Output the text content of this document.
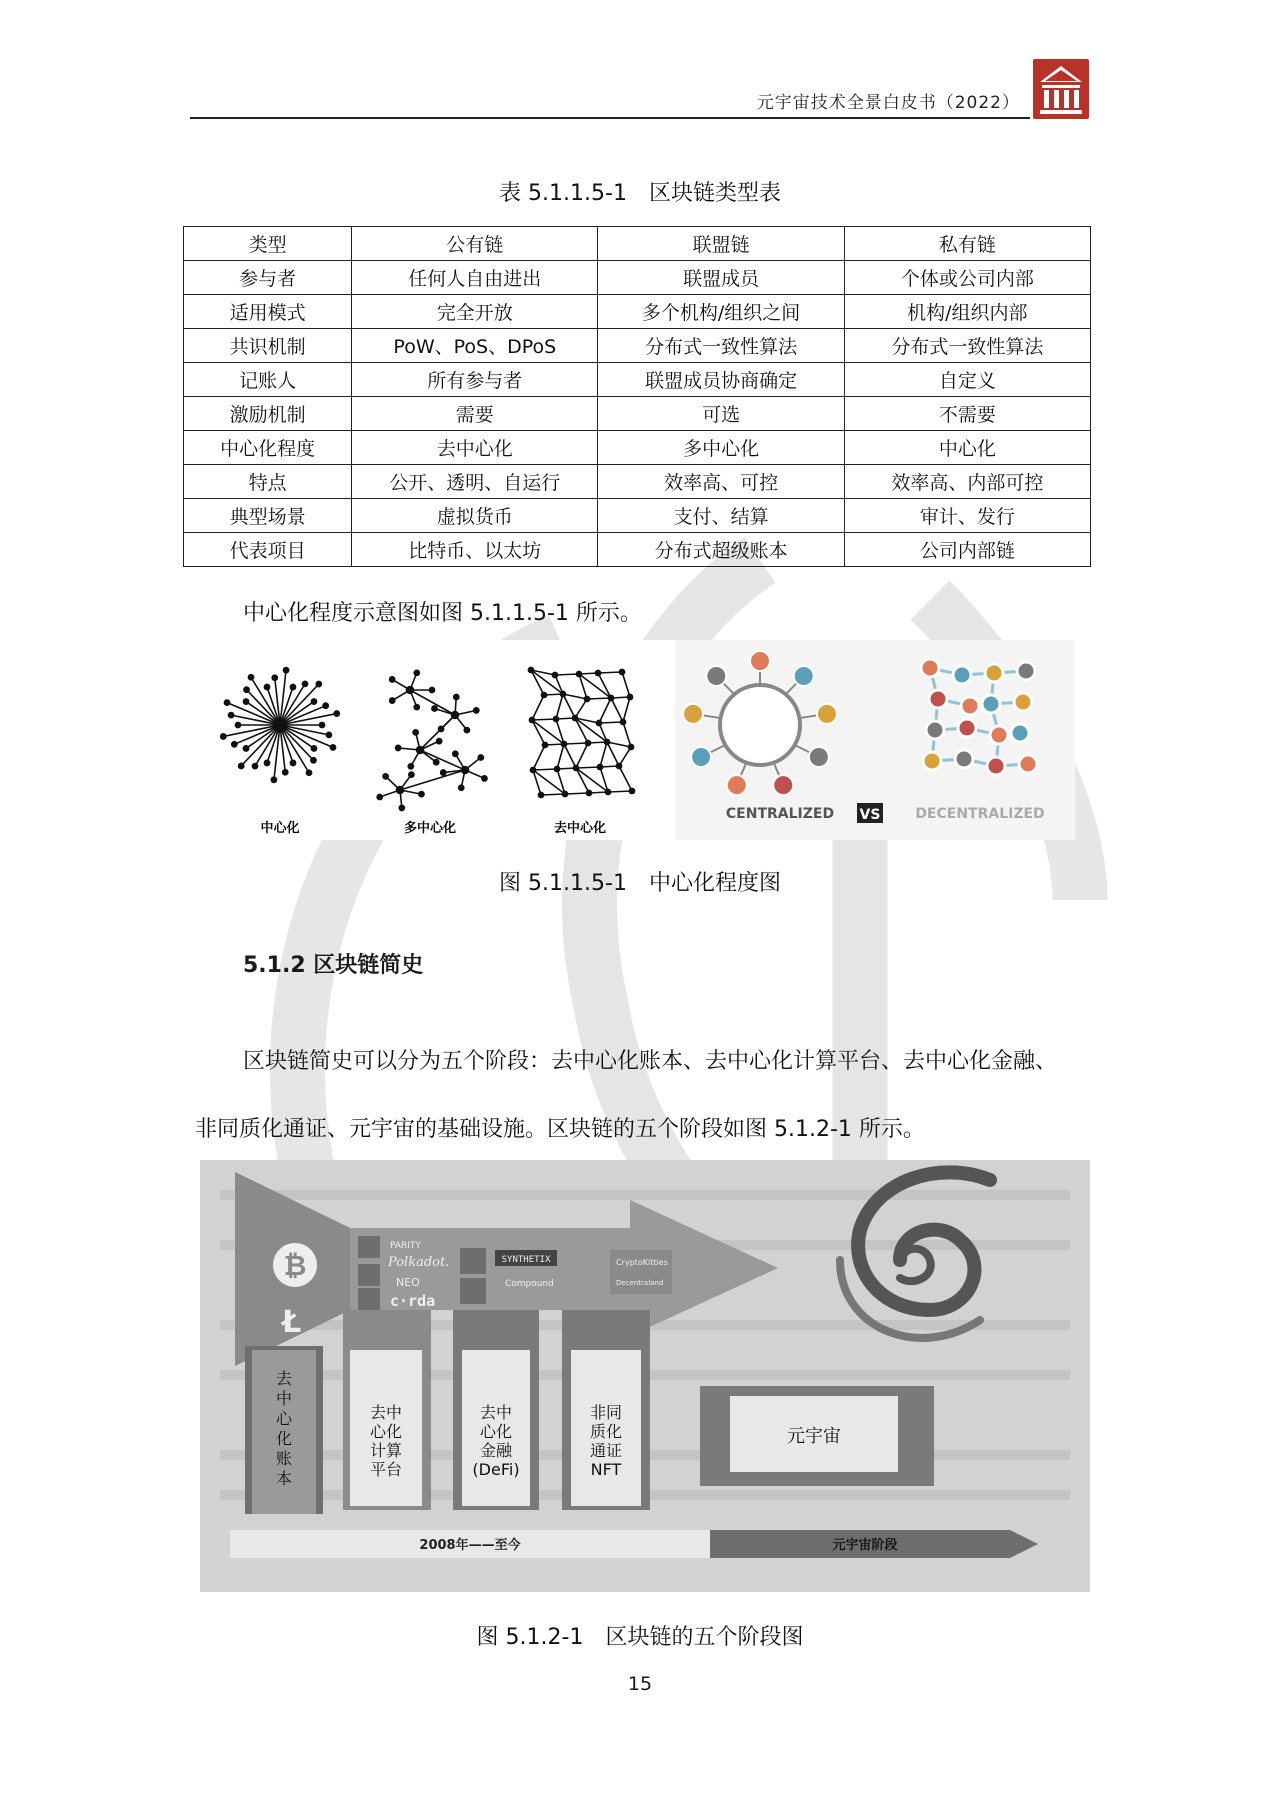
元宇宙技术全景白皮书（2022）
表 5.1.1.5-1　区块链类型表
类型	公有链	联盟链	私有链
参与者	任何人自由进出	联盟成员	个体或公司内部
适用模式	完全开放	多个机构/组织之间	机构/组织内部
共识机制	PoW、PoS、DPoS	分布式一致性算法	分布式一致性算法
记账人	所有参与者	联盟成员协商确定	自定义
激励机制	需要	可选	不需要
中心化程度	去中心化	多中心化	中心化
特点	公开、透明、自运行	效率高、可控	效率高、内部可控
典型场景	虚拟货币	支付、结算	审计、发行
代表项目	比特币、以太坊	分布式超级账本	公司内部链
中心化程度示意图如图 5.1.1.5-1 所示。
中心化	多中心化	去中心化
CENTRALIZED VS DECENTRALIZED
图 5.1.1.5-1　中心化程度图
5.1.2 区块链简史
区块链简史可以分为五个阶段：去中心化账本、去中心化计算平台、去中心化金融、
非同质化通证、元宇宙的基础设施。区块链的五个阶段如图 5.1.2-1 所示。
₿
Ł
PARITY
Polkadot.
NEO
c·rda
SYNTHETIX
Compound
CryptoKitties
Decentraland
去
中
心
化
账
本
去中
心化
计算
平台
去中
心化
金融
(DeFi)
非同
质化
通证
NFT
元宇宙
2008年——至今	元宇宙阶段
图 5.1.2-1　区块链的五个阶段图
15
